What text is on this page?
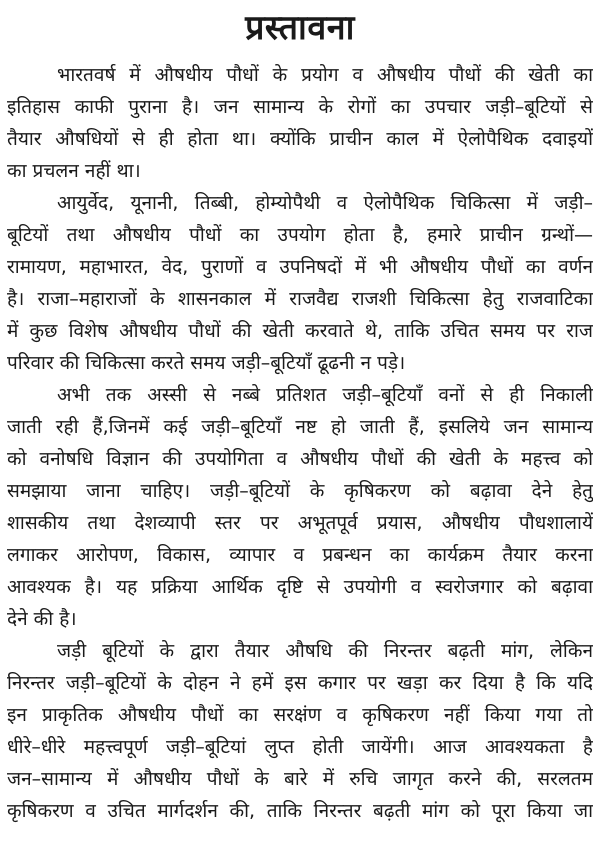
प्रस्तावना
भारतवर्ष में औषधीय पौधों के प्रयोग व औषधीय पौधों की खेती का
इतिहास काफी पुराना है। जन सामान्य के रोगों का उपचार जड़ी–बूटियों से
तैयार औषधियों से ही होता था। क्योंकि प्राचीन काल में ऐलोपैथिक दवाइयों
का प्रचलन नहीं था।
आयुर्वेद, यूनानी, तिब्बी, होम्योपैथी व ऐलोपैथिक चिकित्सा में जड़ी–
बूटियों तथा औषधीय पौधों का उपयोग होता है, हमारे प्राचीन ग्रन्थों—
रामायण, महाभारत, वेद, पुराणों व उपनिषदों में भी औषधीय पौधों का वर्णन
है। राजा–महाराजों के शासनकाल में राजवैद्य राजशी चिकित्सा हेतु राजवाटिका
में कुछ विशेष औषधीय पौधों की खेती करवाते थे, ताकि उचित समय पर राज
परिवार की चिकित्सा करते समय जड़ी–बूटियाँ ढूढनी न पड़े।
अभी तक अस्सी से नब्बे प्रतिशत जड़ी–बूटियाँ वनों से ही निकाली
जाती रही हैं,जिनमें कई जड़ी–बूटियाँ नष्ट हो जाती हैं, इसलिये जन सामान्य
को वनोषधि विज्ञान की उपयोगिता व औषधीय पौधों की खेती के महत्त्व को
समझाया जाना चाहिए। जड़ी–बूटियों के कृषिकरण को बढ़ावा देने हेतु
शासकीय तथा देशव्यापी स्तर पर अभूतपूर्व प्रयास, औषधीय पौधशालायें
लगाकर आरोपण, विकास, व्यापार व प्रबन्धन का कार्यक्रम तैयार करना
आवश्यक है। यह प्रक्रिया आर्थिक दृष्टि से उपयोगी व स्वरोजगार को बढ़ावा
देने की है।
जड़ी बूटियों के द्वारा तैयार औषधि की निरन्तर बढ़ती मांग, लेकिन
निरन्तर जड़ी–बूटियों के दोहन ने हमें इस कगार पर खड़ा कर दिया है कि यदि
इन प्राकृतिक औषधीय पौधों का सरक्षंण व कृषिकरण नहीं किया गया तो
धीरे–धीरे महत्त्वपूर्ण जड़ी–बूटियां लुप्त होती जायेंगी। आज आवश्यकता है
जन–सामान्य में औषधीय पौधों के बारे में रुचि जागृत करने की, सरलतम
कृषिकरण व उचित मार्गदर्शन की, ताकि निरन्तर बढ़ती मांग को पूरा किया जा
